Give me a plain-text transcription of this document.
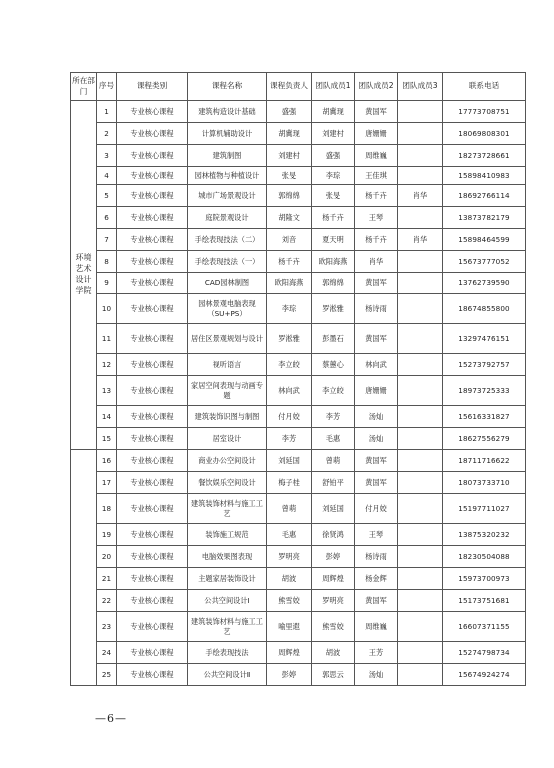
所在部门	序号	课程类别	课程名称	课程负责人	团队成员1	团队成员2	团队成员3	联系电话
环境艺术设计学院	1	专业核心课程	建筑构造设计基础	盛强	胡冀现	黄国军		17773708751
	2	专业核心课程	计算机辅助设计	胡冀现	刘建村	唐姗姗		18069808301
	3	专业核心课程	建筑制图	刘建村	盛强	周维巍		18273728661
	4	专业核心课程	园林植物与种植设计	张旻	李琮	王佳琪		15898410983
	5	专业核心课程	城市广场景观设计	郭绵绵	张旻	杨千卉	肖华	18692766114
	6	专业核心课程	庭院景观设计	胡隆文	杨千卉	王琴		13873782179
	7	专业核心课程	手绘表现技法（二）	刘音	夏天明	杨千卉	肖华	15898464599
	8	专业核心课程	手绘表现技法（一）	杨千卉	欧阳海燕	肖华		15673777052
	9	专业核心课程	CAD园林制图	欧阳海燕	郭绵绵	黄国军		13762739590
	10	专业核心课程	园林景观电脑表现（SU+PS）	李琮	罗淞雅	杨诗雨		18674855800
	11	专业核心课程	居住区景观规划与设计	罗淞雅	彭墨石	黄国军		13297476151
	12	专业核心课程	视听语言	李立皎	蔡蕙心	林向武		15273792757
	13	专业核心课程	家居空间表现与动画专题	林向武	李立皎	唐姗姗		18973725333
	14	专业核心课程	建筑装饰识图与制图	付月姣	李芳	汤灿		15616331827
	15	专业核心课程	居室设计	李芳	毛惠	汤灿		18627556279
	16	专业核心课程	商业办公空间设计	刘延国	曾萌	黄国军		18711716622
	17	专业核心课程	餐饮娱乐空间设计	梅子桂	舒铂平	黄国军		18073733710
	18	专业核心课程	建筑装饰材料与施工工艺	曾萌	刘延国	付月姣		15197711027
	19	专业核心课程	装饰施工规范	毛惠	徐贤鸿	王琴		13875320232
	20	专业核心课程	电脑效果图表现	罗明亮	彭婷	杨诗雨		18230504088
	21	专业核心课程	主题家居装饰设计	胡波	周辉煌	杨金辉		15973700973
	22	专业核心课程	公共空间设计Ⅰ	熊雪姣	罗明亮	黄国军		15173751681
	23	专业核心课程	建筑装饰材料与施工工艺	喻里遐	熊雪姣	周维巍		16607371155
	24	专业核心课程	手绘表现技法	周辉煌	胡波	王芳		15274798734
	25	专业核心课程	公共空间设计Ⅱ	彭婷	郭思云	汤灿		15674924274
—6—
